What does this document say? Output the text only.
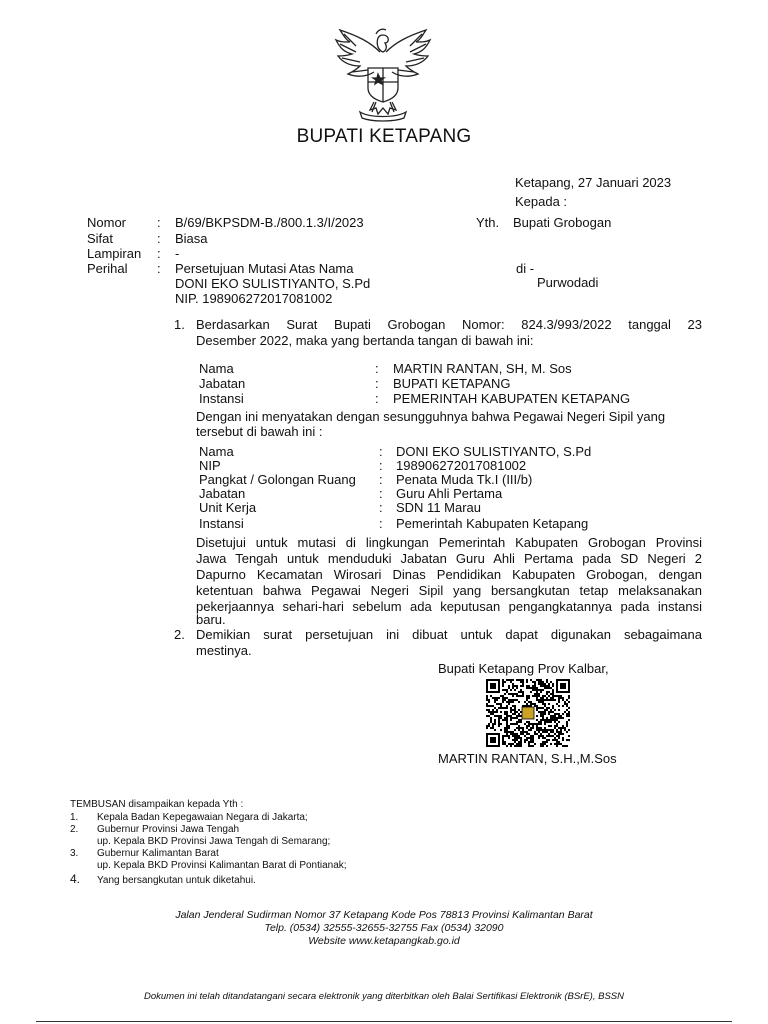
BUPATI KETAPANG
Ketapang, 27 Januari 2023
Kepada :
Nomor : B/69/BKPSDM-B./800.1.3/I/2023
Sifat	: Biasa
Lampiran : -
Perihal : Persetujuan Mutasi Atas Nama
DONI EKO SULISTIYANTO, S.Pd
NIP. 198906272017081002
Yth. Bupati Grobogan
di -
Purwodadi
1. Berdasarkan Surat Bupati Grobogan Nomor: 824.3/993/2022 tanggal 23
Desember 2022, maka yang bertanda tangan di bawah ini:
Nama	: MARTIN RANTAN, SH, M. Sos
Jabatan	: BUPATI KETAPANG
Instansi	: PEMERINTAH KABUPATEN KETAPANG
Dengan ini menyatakan dengan sesungguhnya bahwa Pegawai Negeri Sipil yang
tersebut di bawah ini :
Nama	: DONI EKO SULISTIYANTO, S.Pd
NIP	: 198906272017081002
Pangkat / Golongan Ruang : Penata Muda Tk.I (III/b)
Jabatan	: Guru Ahli Pertama
Unit Kerja	: SDN 11 Marau
Instansi	: Pemerintah Kabupaten Ketapang
Disetujui untuk mutasi di lingkungan Pemerintah Kabupaten Grobogan Provinsi
Jawa Tengah untuk menduduki Jabatan Guru Ahli Pertama pada SD Negeri 2
Dapurno Kecamatan Wirosari Dinas Pendidikan Kabupaten Grobogan, dengan
ketentuan bahwa Pegawai Negeri Sipil yang bersangkutan tetap melaksanakan
pekerjaannya sehari-hari sebelum ada keputusan pengangkatannya pada instansi
baru.
2. Demikian surat persetujuan ini dibuat untuk dapat digunakan sebagaimana
mestinya.
Bupati Ketapang Prov Kalbar,
MARTIN RANTAN, S.H.,M.Sos
TEMBUSAN disampaikan kepada Yth :
1. Kepala Badan Kepegawaian Negara di Jakarta;
2. Gubernur Provinsi Jawa Tengah
up. Kepala BKD Provinsi Jawa Tengah di Semarang;
3. Gubernur Kalimantan Barat
up. Kepala BKD Provinsi Kalimantan Barat di Pontianak;
4. Yang bersangkutan untuk diketahui.
Jalan Jenderal Sudirman Nomor 37 Ketapang Kode Pos 78813 Provinsi Kalimantan Barat
Telp. (0534) 32555-32655-32755 Fax (0534) 32090
Website www.ketapangkab.go.id
Dokumen ini telah ditandatangani secara elektronik yang diterbitkan oleh Balai Sertifikasi Elektronik (BSrE), BSSN
